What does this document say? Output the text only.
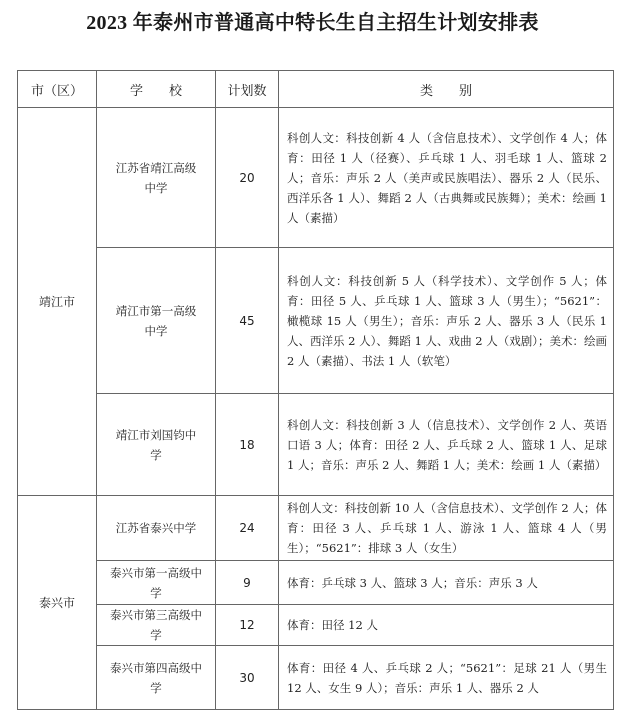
2023 年泰州市普通高中特长生自主招生计划安排表
市（区）	学　　校	计划数	类　　别
靖江市	江苏省靖江高级中学	20	科创人文：科技创新 4 人（含信息技术）、文学创作 4 人；体育：田径 1 人（径赛）、乒乓球 1 人、羽毛球 1 人、篮球 2 人；音乐：声乐 2 人（美声或民族唱法）、器乐 2 人（民乐、西洋乐各 1 人）、舞蹈 2 人（古典舞或民族舞）；美术：绘画 1 人（素描）
	靖江市第一高级中学	45	科创人文：科技创新 5 人（科学技术）、文学创作 5 人；体育：田径 5 人、乒乓球 1 人、篮球 3 人（男生）；“5621”：橄榄球 15 人（男生）；音乐：声乐 2 人、器乐 3 人（民乐 1 人、西洋乐 2 人）、舞蹈 1 人、戏曲 2 人（戏剧）；美术：绘画 2 人（素描）、书法 1 人（软笔）
	靖江市刘国钧中学	18	科创人文：科技创新 3 人（信息技术）、文学创作 2 人、英语口语 3 人；体育：田径 2 人、乒乓球 2 人、篮球 1 人、足球 1 人；音乐：声乐 2 人、舞蹈 1 人；美术：绘画 1 人（素描）
泰兴市	江苏省泰兴中学	24	科创人文：科技创新 10 人（含信息技术）、文学创作 2 人；体育：田径 3 人、乒乓球 1 人、游泳 1 人、篮球 4 人（男生）；“5621”：排球 3 人（女生）
	泰兴市第一高级中学	9	体育：乒乓球 3 人、篮球 3 人；音乐：声乐 3 人
	泰兴市第三高级中学	12	体育：田径 12 人
	泰兴市第四高级中学	30	体育：田径 4 人、乒乓球 2 人；“5621”：足球 21 人（男生 12 人、女生 9 人）；音乐：声乐 1 人、器乐 2 人
